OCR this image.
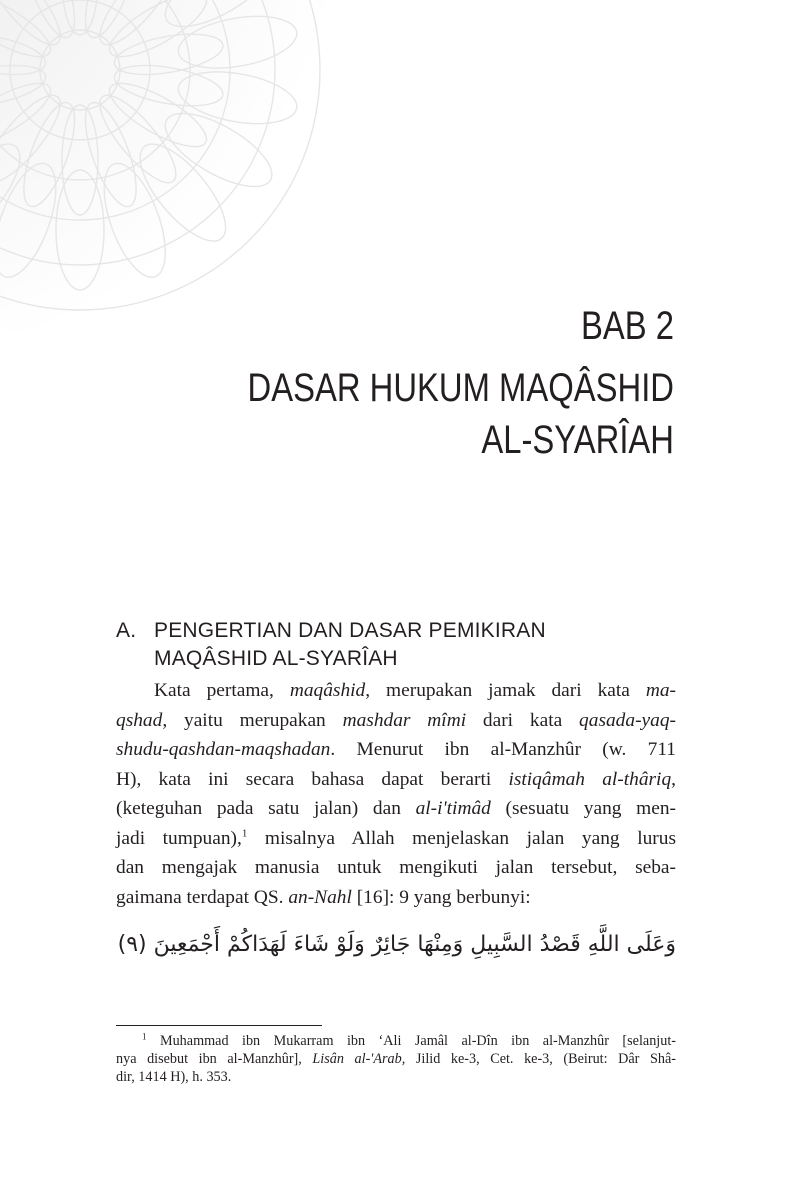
BAB 2
DASAR HUKUM MAQÂSHID
AL-SYARÎAH
A. PENGERTIAN DAN DASAR PEMIKIRAN
MAQÂSHID AL-SYARÎAH

Kata pertama, maqâshid, merupakan jamak dari kata ma-
qshad, yaitu merupakan mashdar mîmi dari kata qasada-yaq-
shudu-qashdan-maqshadan. Menurut ibn al-Manzhûr (w. 711
H), kata ini secara bahasa dapat berarti istiqâmah al-thâriq,
(keteguhan pada satu jalan) dan al-i'timâd (sesuatu yang men-
jadi tumpuan),$^1$ misalnya Allah menjelaskan jalan yang lurus
dan mengajak manusia untuk mengikuti jalan tersebut, seba-
gaimana terdapat QS. an-Nahl [16]: 9 yang berbunyi:

وَعَلَى اللَّهِ قَصْدُ السَّبِيلِ وَمِنْهَا جَائِرٌ وَلَوْ شَاءَ لَهَدَاكُمْ أَجْمَعِينَ (٩)
$^1$ Muhammad ibn Mukarram ibn ‘Ali Jamâl al-Dîn ibn al-Manzhûr [selanjut-
nya disebut ibn al-Manzhûr], Lisân al-'Arab, Jilid ke-3, Cet. ke-3, (Beirut: Dâr Shâ-
dir, 1414 H), h. 353.
